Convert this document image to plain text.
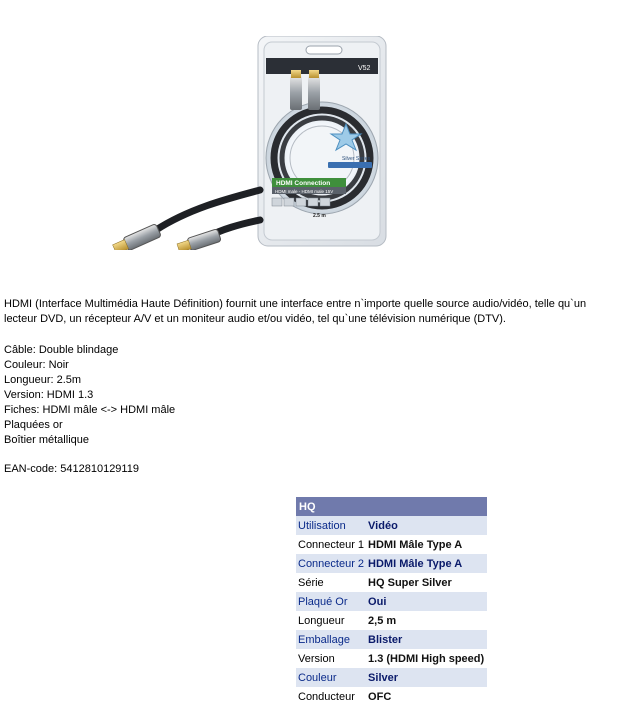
V52
Silver Series
HDMI Connection
HDMI male - HDMI male 15V
2.5 m

HDMI (Interface Multimédia Haute Définition) fournit une interface entre n`importe quelle source audio/vidéo, telle qu`un lecteur DVD, un récepteur A/V et un moniteur audio et/ou vidéo, tel qu`une télévision numérique (DTV).

Câble: Double blindage
Couleur: Noir
Longueur: 2.5m
Version: HDMI 1.3
Fiches: HDMI mâle <-> HDMI mâle
Plaquées or
Boîtier métallique
EAN-code: 5412810129119
HQ	
Utilisation	Vidéo
Connecteur 1	HDMI Mâle Type A
Connecteur 2	HDMI Mâle Type A
Série	HQ Super Silver
Plaqué Or	Oui
Longueur	2,5 m
Emballage	Blister
Version	1.3 (HDMI High speed)
Couleur	Silver
Conducteur	OFC
